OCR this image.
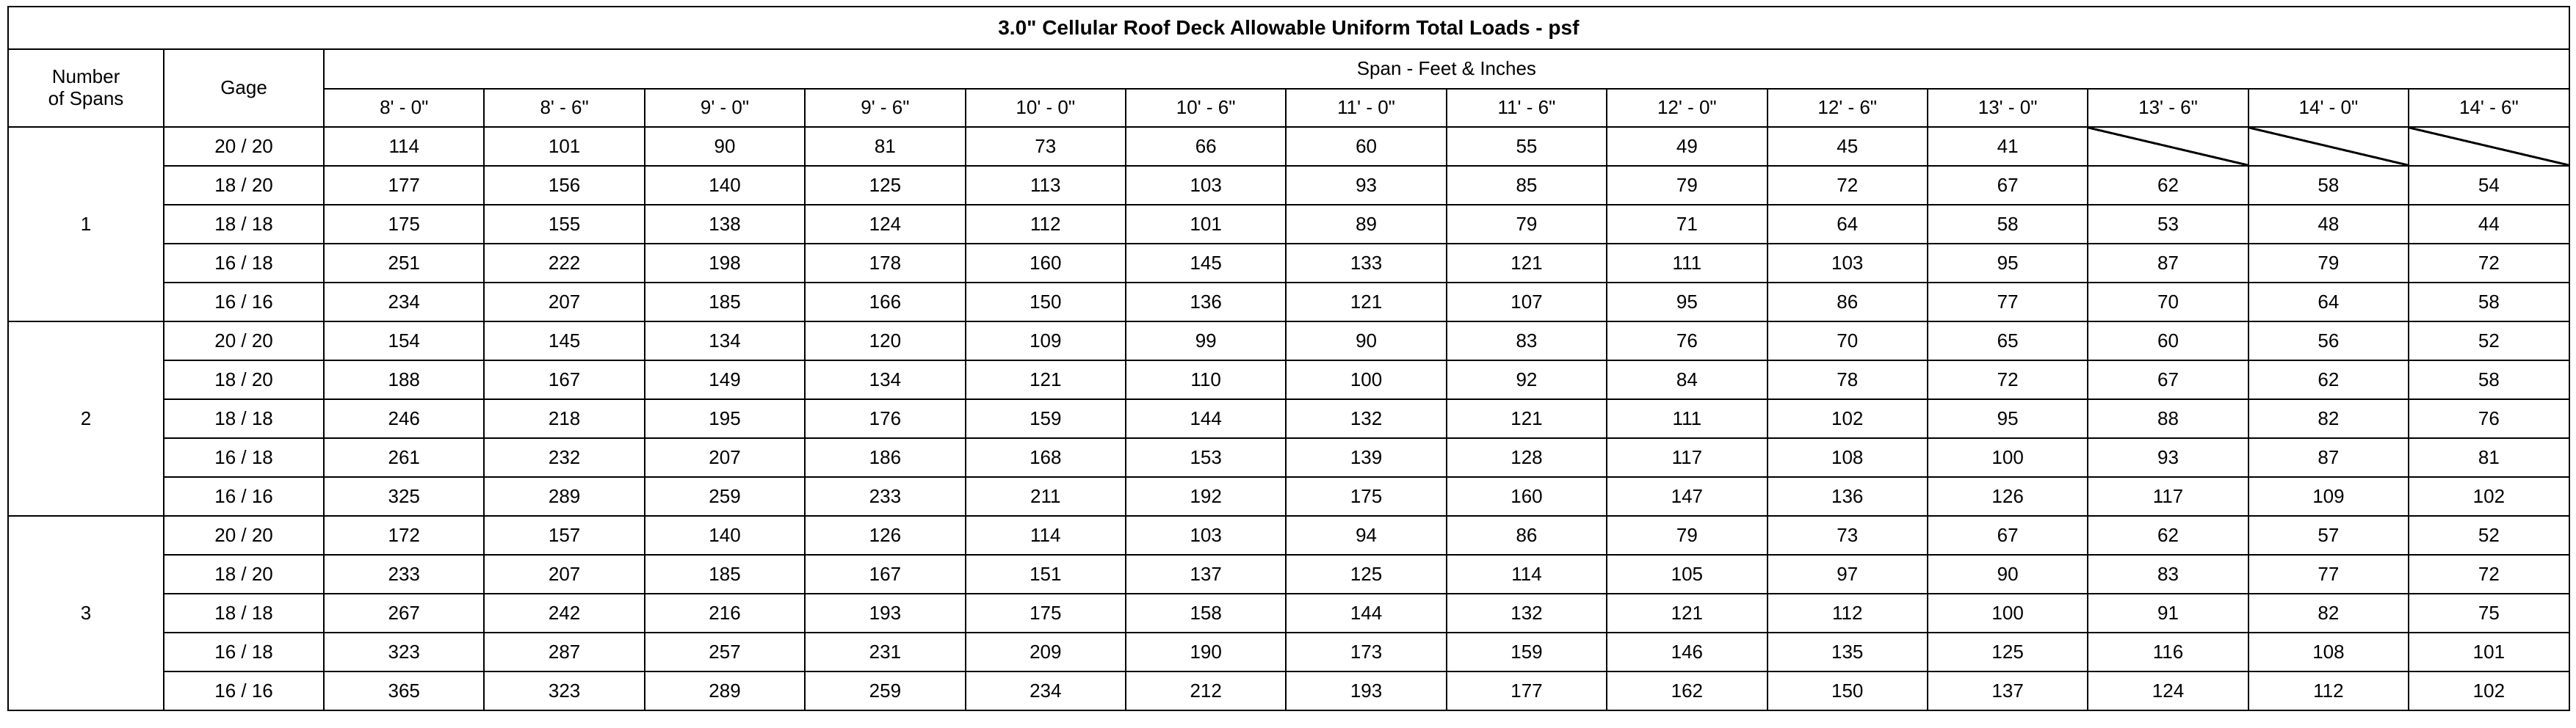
3.0" Cellular Roof Deck Allowable Uniform Total Loads - psf															
Number
of Spans	Gage	Span - Feet & Inches													
		8' - 0"	8' - 6"	9' - 0"	9' - 6"	10' - 0"	10' - 6"	11' - 0"	11' - 6"	12' - 0"	12' - 6"	13' - 0"	13' - 6"	14' - 0"	14' - 6"
1	20 / 20	114	101	90	81	73	66	60	55	49	45	41			
	18 / 20	177	156	140	125	113	103	93	85	79	72	67	62	58	54
	18 / 18	175	155	138	124	112	101	89	79	71	64	58	53	48	44
	16 / 18	251	222	198	178	160	145	133	121	111	103	95	87	79	72
	16 / 16	234	207	185	166	150	136	121	107	95	86	77	70	64	58
2	20 / 20	154	145	134	120	109	99	90	83	76	70	65	60	56	52
	18 / 20	188	167	149	134	121	110	100	92	84	78	72	67	62	58
	18 / 18	246	218	195	176	159	144	132	121	111	102	95	88	82	76
	16 / 18	261	232	207	186	168	153	139	128	117	108	100	93	87	81
	16 / 16	325	289	259	233	211	192	175	160	147	136	126	117	109	102
3	20 / 20	172	157	140	126	114	103	94	86	79	73	67	62	57	52
	18 / 20	233	207	185	167	151	137	125	114	105	97	90	83	77	72
	18 / 18	267	242	216	193	175	158	144	132	121	112	100	91	82	75
	16 / 18	323	287	257	231	209	190	173	159	146	135	125	116	108	101
	16 / 16	365	323	289	259	234	212	193	177	162	150	137	124	112	102
